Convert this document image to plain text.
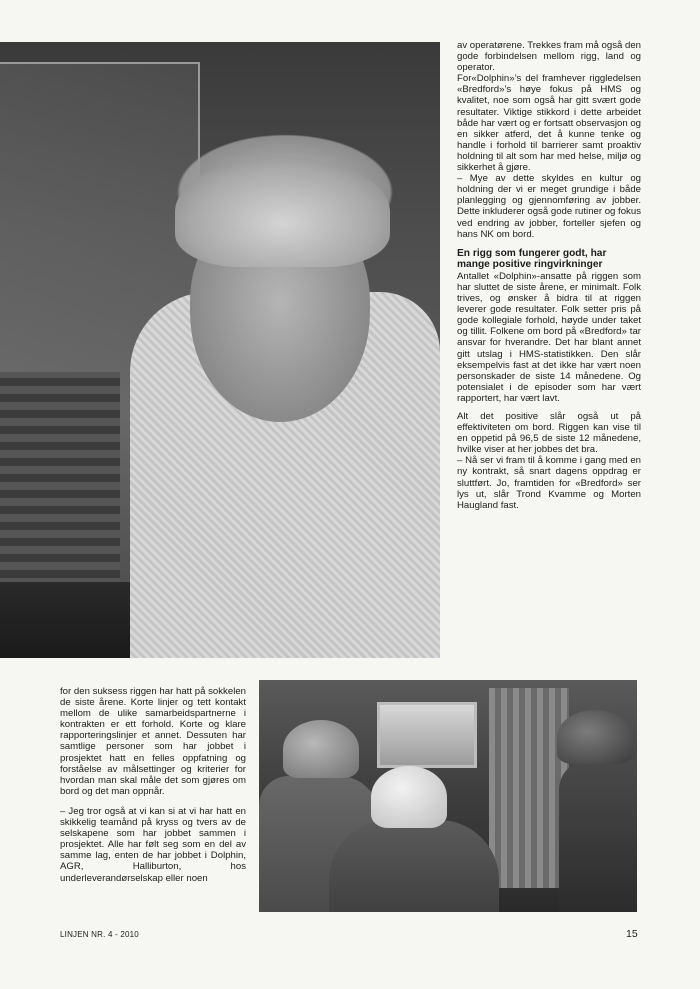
av operatørene. Trekkes fram må også den gode forbindelsen mellom rigg, land og operator.

For«Dolphin»’s del framhever riggledelsen «Bredford»’s høye fokus på HMS og kvalitet, noe som også har gitt svært gode resultater. Viktige stikkord i dette arbeidet både har vært og er fortsatt observasjon og en sikker atferd, det å kunne tenke og handle i forhold til barrierer samt proaktiv holdning til alt som har med helse, miljø og sikkerhet å gjøre.

– Mye av dette skyldes en kultur og holdning der vi er meget grundige i både planlegging og gjennomføring av jobber. Dette inkluderer også gode rutiner og fokus ved endring av jobber, forteller sjefen og hans NK om bord.

En rigg som fungerer godt, har mange positive ringvirkninger

Antallet «Dolphin»-ansatte på riggen som har sluttet de siste årene, er minimalt. Folk trives, og ønsker å bidra til at riggen leverer gode resultater. Folk setter pris på gode kollegiale forhold, høyde under taket og tillit. Folkene om bord på «Bredford» tar ansvar for hverandre. Det har blant annet gitt utslag i HMS-statistikken. Den slår eksempelvis fast at det ikke har vært noen personskader de siste 14 månedene. Og potensialet i de episoder som har vært rapportert, har vært lavt.

Alt det positive slår også ut på effektiviteten om bord. Riggen kan vise til en oppetid på 96,5 de siste 12 månedene, hvilke viser at her jobbes det bra.

– Nå ser vi fram til å komme i gang med en ny kontrakt, så snart dagens oppdrag er sluttført. Jo, framtiden for «Bredford» ser lys ut, slår Trond Kvamme og Morten Haugland fast.

for den suksess riggen har hatt på sokkelen de siste årene. Korte linjer og tett kontakt mellom de ulike samarbeidspartnerne i kontrakten er ett forhold. Korte og klare rapporteringslinjer et annet. Dessuten har samtlige personer som har jobbet i prosjektet hatt en felles oppfatning og forståelse av målsettinger og kriterier for hvordan man skal måle det som gjøres om bord og det man oppnår.

– Jeg tror også at vi kan si at vi har hatt en skikkelig teamånd på kryss og tvers av de selskapene som har jobbet sammen i prosjektet. Alle har følt seg som en del av samme lag, enten de har jobbet i Dolphin, AGR, Halliburton, hos underleverandørselskap eller noen

LINJEN NR. 4 - 2010	15
